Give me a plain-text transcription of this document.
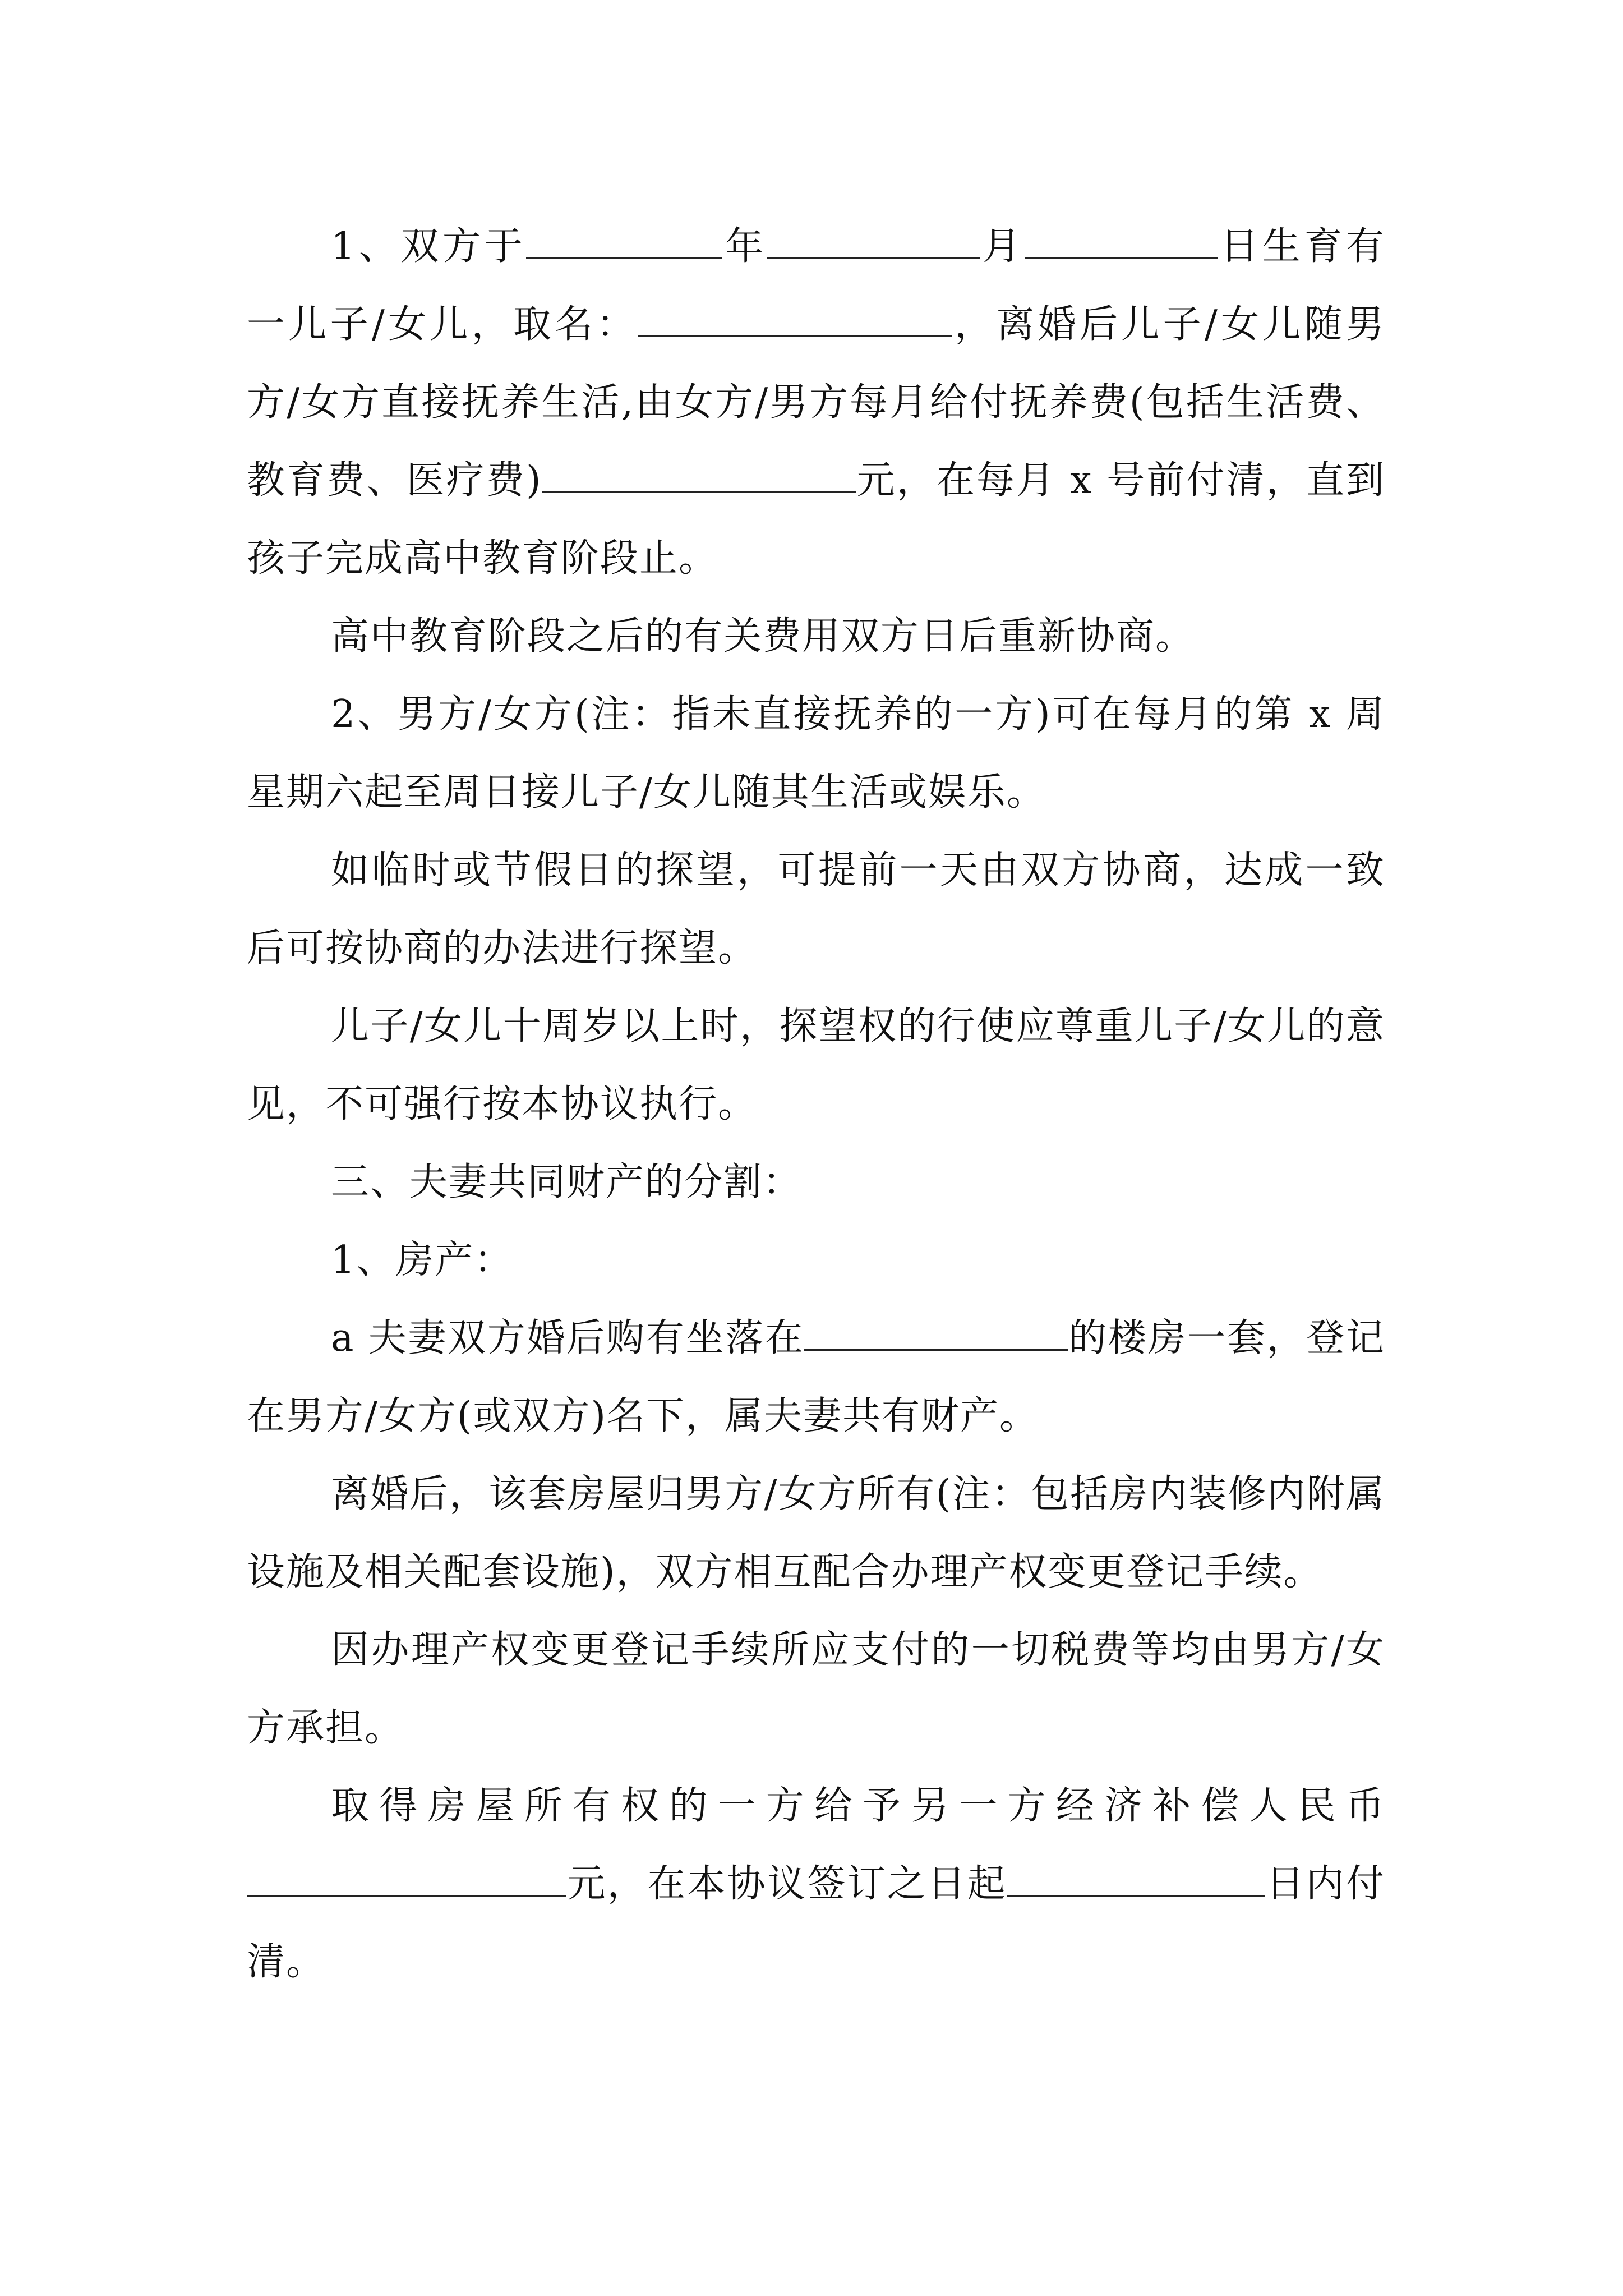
1、双方于	年	月	日生育有一儿子/女儿，取名：	，离婚后儿子/女儿随男方/女方直接抚养生活,由女方/男方每月给付抚养费(包括生活费、教育费、医疗费)	元，在每月 x 号前付清，直到孩子完成高中教育阶段止。

高中教育阶段之后的有关费用双方日后重新协商。

2、男方/女方(注：指未直接抚养的一方)可在每月的第 x 周星期六起至周日接儿子/女儿随其生活或娱乐。

如临时或节假日的探望，可提前一天由双方协商，达成一致后可按协商的办法进行探望。

儿子/女儿十周岁以上时，探望权的行使应尊重儿子/女儿的意见，不可强行按本协议执行。

三、夫妻共同财产的分割：

1、房产：

a 夫妻双方婚后购有坐落在	的楼房一套，登记在男方/女方(或双方)名下，属夫妻共有财产。

离婚后，该套房屋归男方/女方所有(注：包括房内装修内附属设施及相关配套设施)，双方相互配合办理产权变更登记手续。

因办理产权变更登记手续所应支付的一切税费等均由男方/女方承担。

取得房屋所有权的一方给予另一方经济补偿人民币元，在本协议签订之日起	日内付清。
